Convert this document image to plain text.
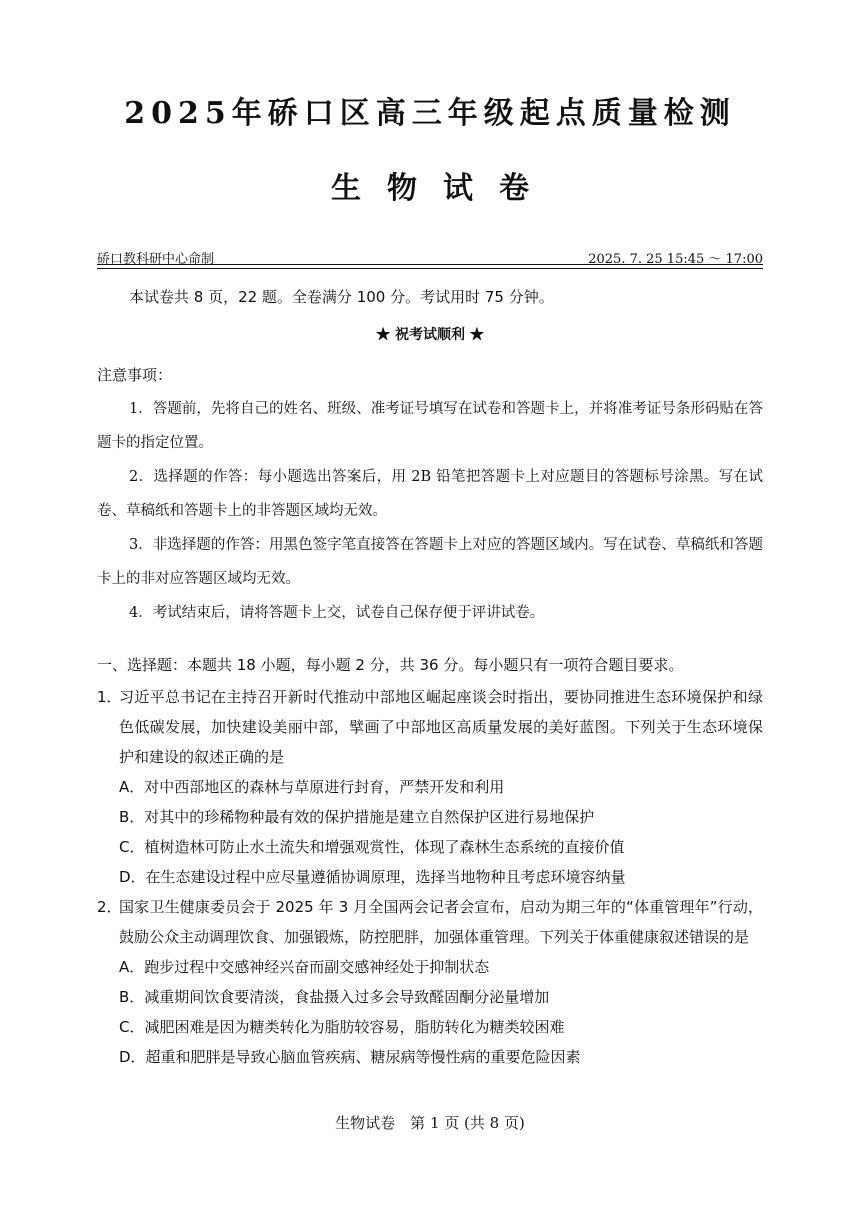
2025年硚口区高三年级起点质量检测
生物试卷
硚口教科研中心命制	2025. 7. 25 15:45 ～ 17:00
本试卷共 8 页，22 题。全卷满分 100 分。考试用时 75 分钟。
★ 祝考试顺利 ★
注意事项：

1．答题前，先将自己的姓名、班级、准考证号填写在试卷和答题卡上，并将准考证号条形码贴在答题卡的指定位置。

2．选择题的作答：每小题选出答案后，用 2B 铅笔把答题卡上对应题目的答题标号涂黑。写在试卷、草稿纸和答题卡上的非答题区域均无效。

3．非选择题的作答：用黑色签字笔直接答在答题卡上对应的答题区域内。写在试卷、草稿纸和答题卡上的非对应答题区域均无效。

4．考试结束后，请将答题卡上交，试卷自己保存便于评讲试卷。

一、选择题：本题共 18 小题，每小题 2 分，共 36 分。每小题只有一项符合题目要求。
1．
习近平总书记在主持召开新时代推动中部地区崛起座谈会时指出，要协同推进生态环境保护和绿色低碳发展，加快建设美丽中部，擘画了中部地区高质量发展的美好蓝图。下列关于生态环境保护和建设的叙述正确的是
A．对中西部地区的森林与草原进行封育，严禁开发和利用
B．对其中的珍稀物种最有效的保护措施是建立自然保护区进行易地保护
C．植树造林可防止水土流失和增强观赏性，体现了森林生态系统的直接价值
D．在生态建设过程中应尽量遵循协调原理，选择当地物种且考虑环境容纳量
2．
国家卫生健康委员会于 2025 年 3 月全国两会记者会宣布，启动为期三年的“体重管理年”行动，鼓励公众主动调理饮食、加强锻炼，防控肥胖，加强体重管理。下列关于体重健康叙述错误的是
A．跑步过程中交感神经兴奋而副交感神经处于抑制状态
B．减重期间饮食要清淡，食盐摄入过多会导致醛固酮分泌量增加
C．减肥困难是因为糖类转化为脂肪较容易，脂肪转化为糖类较困难
D．超重和肥胖是导致心脑血管疾病、糖尿病等慢性病的重要危险因素
生物试卷　第 1 页 (共 8 页)
